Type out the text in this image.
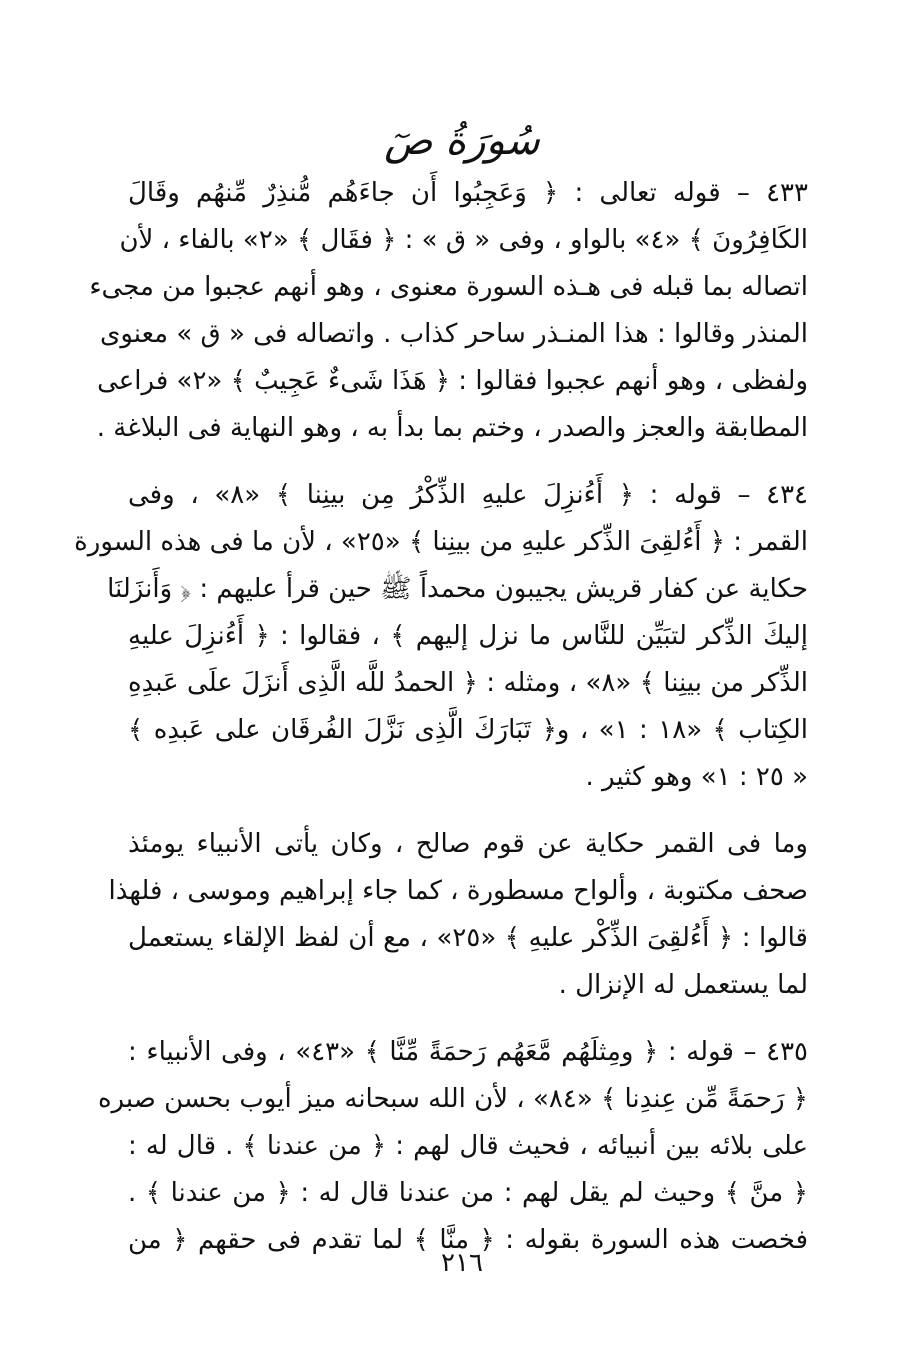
سُورَةُ صٓ
٤٣٣ – قوله تعالى : ﴿ وَعَجِبُوا أَن جاءَهُم مُّنذِرٌ مِّنهُم وقَالَ
الكَافِرُونَ ﴾ «٤» بالواو ، وفى « ق » : ﴿ فقَال ﴾ «٢» بالفاء ، لأن
اتصاله بما قبله فى هـذه السورة معنوى ، وهو أنهم عجبوا من مجىء
المنذر وقالوا : هذا المنـذر ساحر كذاب . واتصاله فى « ق » معنوى
ولفظى ، وهو أنهم عجبوا فقالوا : ﴿ هَذَا شَىءٌ عَجِيبٌ ﴾ «٢» فراعى
المطابقة والعجز والصدر ، وختم بما بدأ به ، وهو النهاية فى البلاغة .
٤٣٤ – قوله : ﴿ أَءُنزِلَ عليهِ الذِّكْرُ مِن بينِنا ﴾ «٨» ، وفى
القمر : ﴿ أَءُلقِىَ الذِّكر عليهِ من بينِنا ﴾ «٢٥» ، لأن ما فى هذه السورة
حكاية عن كفار قريش يجيبون محمداً ﷺ حين قرأ عليهم : ﴿ وَأَنزَلنَا
إليكَ الذِّكر لتبَيِّن للنَّاس ما نزل إليهم ﴾ ، فقالوا : ﴿ أَءُنزِلَ عليهِ
الذِّكر من بينِنا ﴾ «٨» ، ومثله : ﴿ الحمدُ للَّه الَّذِى أَنزَلَ علَى عَبدِهِ
الكِتاب ﴾ «١٨ : ١» ، و﴿ تَبَارَكَ الَّذِى نَزَّلَ الفُرقَان على عَبدِه ﴾
« ٢٥ : ١» وهو كثير .
وما فى القمر حكاية عن قوم صالح ، وكان يأتى الأنبياء يومئذ
صحف مكتوبة ، وألواح مسطورة ، كما جاء إبراهيم وموسى ، فلهذا
قالوا : ﴿ أَءُلقِىَ الذِّكْر عليهِ ﴾ «٢٥» ، مع أن لفظ الإلقاء يستعمل
لما يستعمل له الإنزال .
٤٣٥ – قوله : ﴿ ومِثلَهُم مَّعَهُم رَحمَةً مِّنَّا ﴾ «٤٣» ، وفى الأنبياء :
﴿ رَحمَةً مِّن عِندِنا ﴾ «٨٤» ، لأن الله سبحانه ميز أيوب بحسن صبره
على بلائه بين أنبيائه ، فحيث قال لهم : ﴿ من عندنا ﴾ . قال له :
﴿ منَّ ﴾ وحيث لم يقل لهم : من عندنا قال له : ﴿ من عندنا ﴾ .
فخصت هذه السورة بقوله : ﴿ منَّا ﴾ لما تقدم فى حقهم ﴿ من
٢١٦
